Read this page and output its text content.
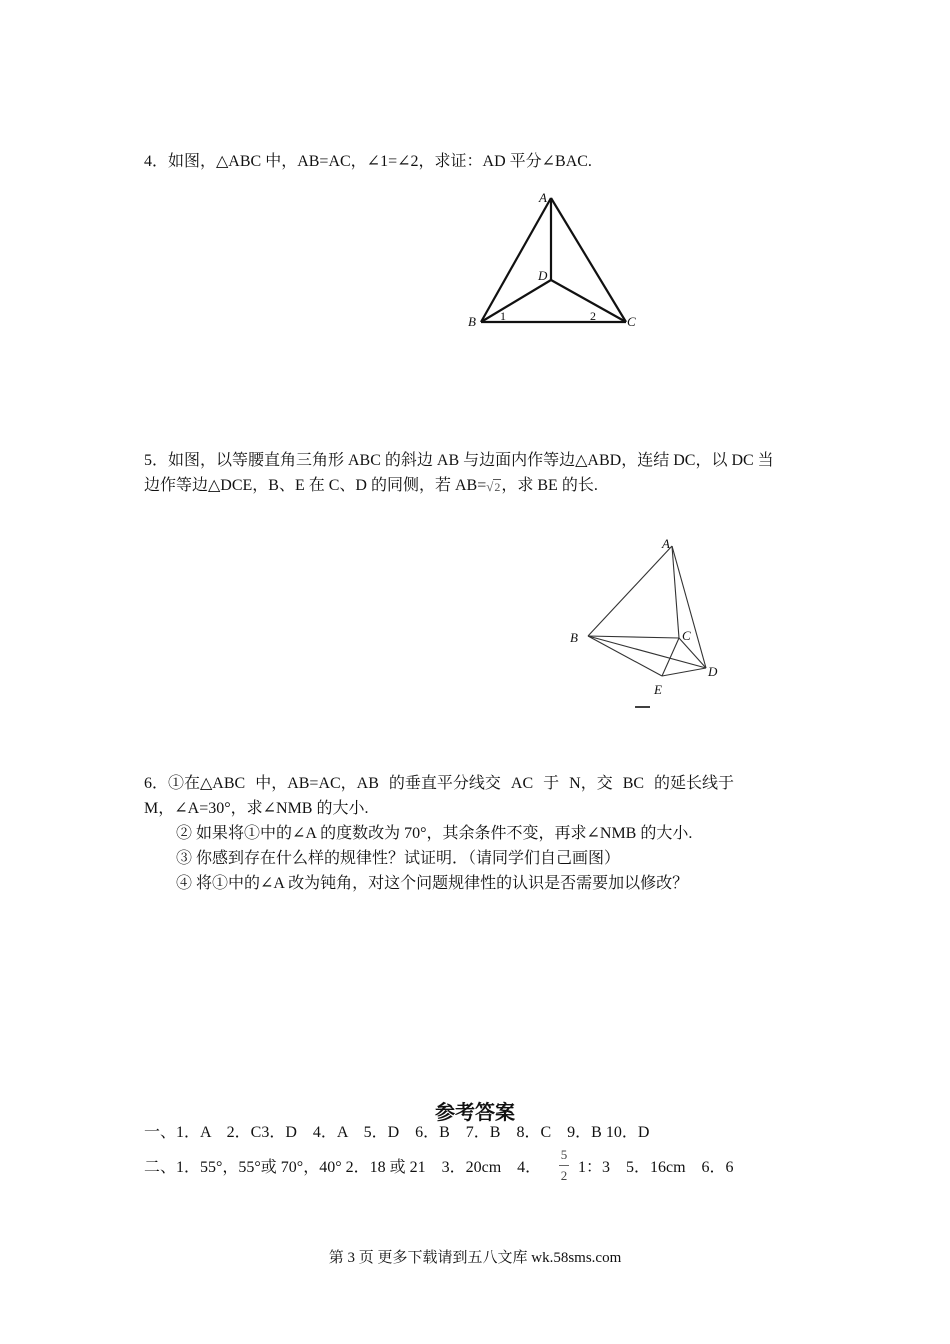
4．如图，△ABC 中，AB=AC，∠1=∠2，求证：AD 平分∠BAC.
A
B	C
D
1	2
5．如图，以等腰直角三角形 ABC 的斜边 AB 与边面内作等边△ABD，连结 DC，以 DC 当
边作等边△DCE，B、E 在 C、D 的同侧，若 AB=√2，求 BE 的长.
A
B	C
D
E
6．①在△ABC 中，AB=AC，AB 的垂直平分线交 AC 于 N，交 BC 的延长线于
M，∠A=30°，求∠NMB 的大小.
② 如果将①中的∠A 的度数改为 70°，其余条件不变，再求∠NMB 的大小.
③ 你感到存在什么样的规律性？试证明．（请同学们自己画图）
④ 将①中的∠A 改为钝角，对这个问题规律性的认识是否需要加以修改？
参考答案
一、1．A　2．C3．D　4．A　5．D　6．B　7．B　8．C　9．B 10．D
二、1．55°，55°或 70°，40° 2．18 或 21　3．20cm　4．
5
2 1：3　5．16cm　6．6
第 3 页 更多下载请到五八文库 wk.58sms.com
